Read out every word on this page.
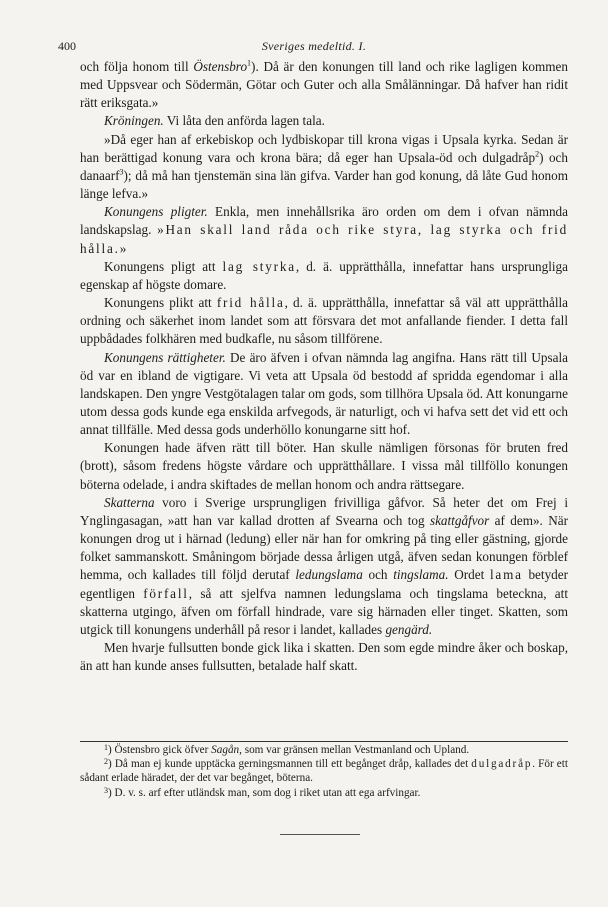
400	Sveriges medeltid. I.

och följa honom till Östensbro$^1$). Då är den konungen till land och rike lagligen kommen med Uppsvear och Södermän, Götar och Guter och alla Smålänningar. Då hafver han ridit rätt eriksgata.»

Kröningen. Vi låta den anförda lagen tala.

»Då eger han af erkebiskop och lydbiskopar till krona vigas i Upsala kyrka. Sedan är han berättigad konung vara och krona bära; då eger han Upsala-öd och dulgadråp$^2$) och danaarf$^3$); då må han tjenstemän sina län gifva. Varder han god konung, då låte Gud honom länge lefva.»

Konungens pligter. Enkla, men innehållsrika äro orden om dem i ofvan nämnda landskapslag. »Han skall land råda och rike styra, lag styrka och frid hålla.»

Konungens pligt att lag styrka, d. ä. upprätthålla, innefattar hans ursprungliga egenskap af högste domare.

Konungens plikt att frid hålla, d. ä. upprätthålla, innefattar så väl att upprätthålla ordning och säkerhet inom landet som att försvara det mot anfallande fiender. I detta fall uppbådades folkhären med budkafle, nu såsom tillförene.

Konungens rättigheter. De äro äfven i ofvan nämnda lag angifna. Hans rätt till Upsala öd var en ibland de vigtigare. Vi veta att Upsala öd bestodd af spridda egendomar i alla landskapen. Den yngre Vestgötalagen talar om gods, som tillhöra Upsala öd. Att konungarne utom dessa gods kunde ega enskilda arfvegods, är naturligt, och vi hafva sett det vid ett och annat tillfälle. Med dessa gods underhöllo konungarne sitt hof.

Konungen hade äfven rätt till böter. Han skulle nämligen försonas för bruten fred (brott), såsom fredens högste vårdare och upprätthållare. I vissa mål tillföllo konungen böterna odelade, i andra skiftades de mellan honom och andra rättsegare.

Skatterna voro i Sverige ursprungligen frivilliga gåfvor. Så heter det om Frej i Ynglingasagan, »att han var kallad drotten af Svearna och tog skattgåfvor af dem». När konungen drog ut i härnad (ledung) eller när han for omkring på ting eller gästning, gjorde folket sammanskott. Småningom började dessa årligen utgå, äfven sedan konungen förblef hemma, och kallades till följd derutaf ledungslama och tingslama. Ordet lama betyder egentligen förfall, så att sjelfva namnen ledungslama och tingslama betecknа, att skatterna utgingo, äfven om förfall hindrade, vare sig härnaden eller tinget. Skatten, som utgick till konungens underhåll på resor i landet, kallades gengärd.

Men hvarje fullsutten bonde gick lika i skatten. Den som egde mindre åker och boskap, än att han kunde anses fullsutten, betalade half skatt.

$^1$) Östensbro gick öfver Sagån, som var gränsen mellan Vestmanland och Upland.

$^2$) Då man ej kunde upptäcka gerningsmannen till ett begånget dråp, kallades det dulgadråp. För ett sådant erlade häradet, der det var begånget, böterna.

$^3$) D. v. s. arf efter utländsk man, som dog i riket utan att ega arfvingar.
